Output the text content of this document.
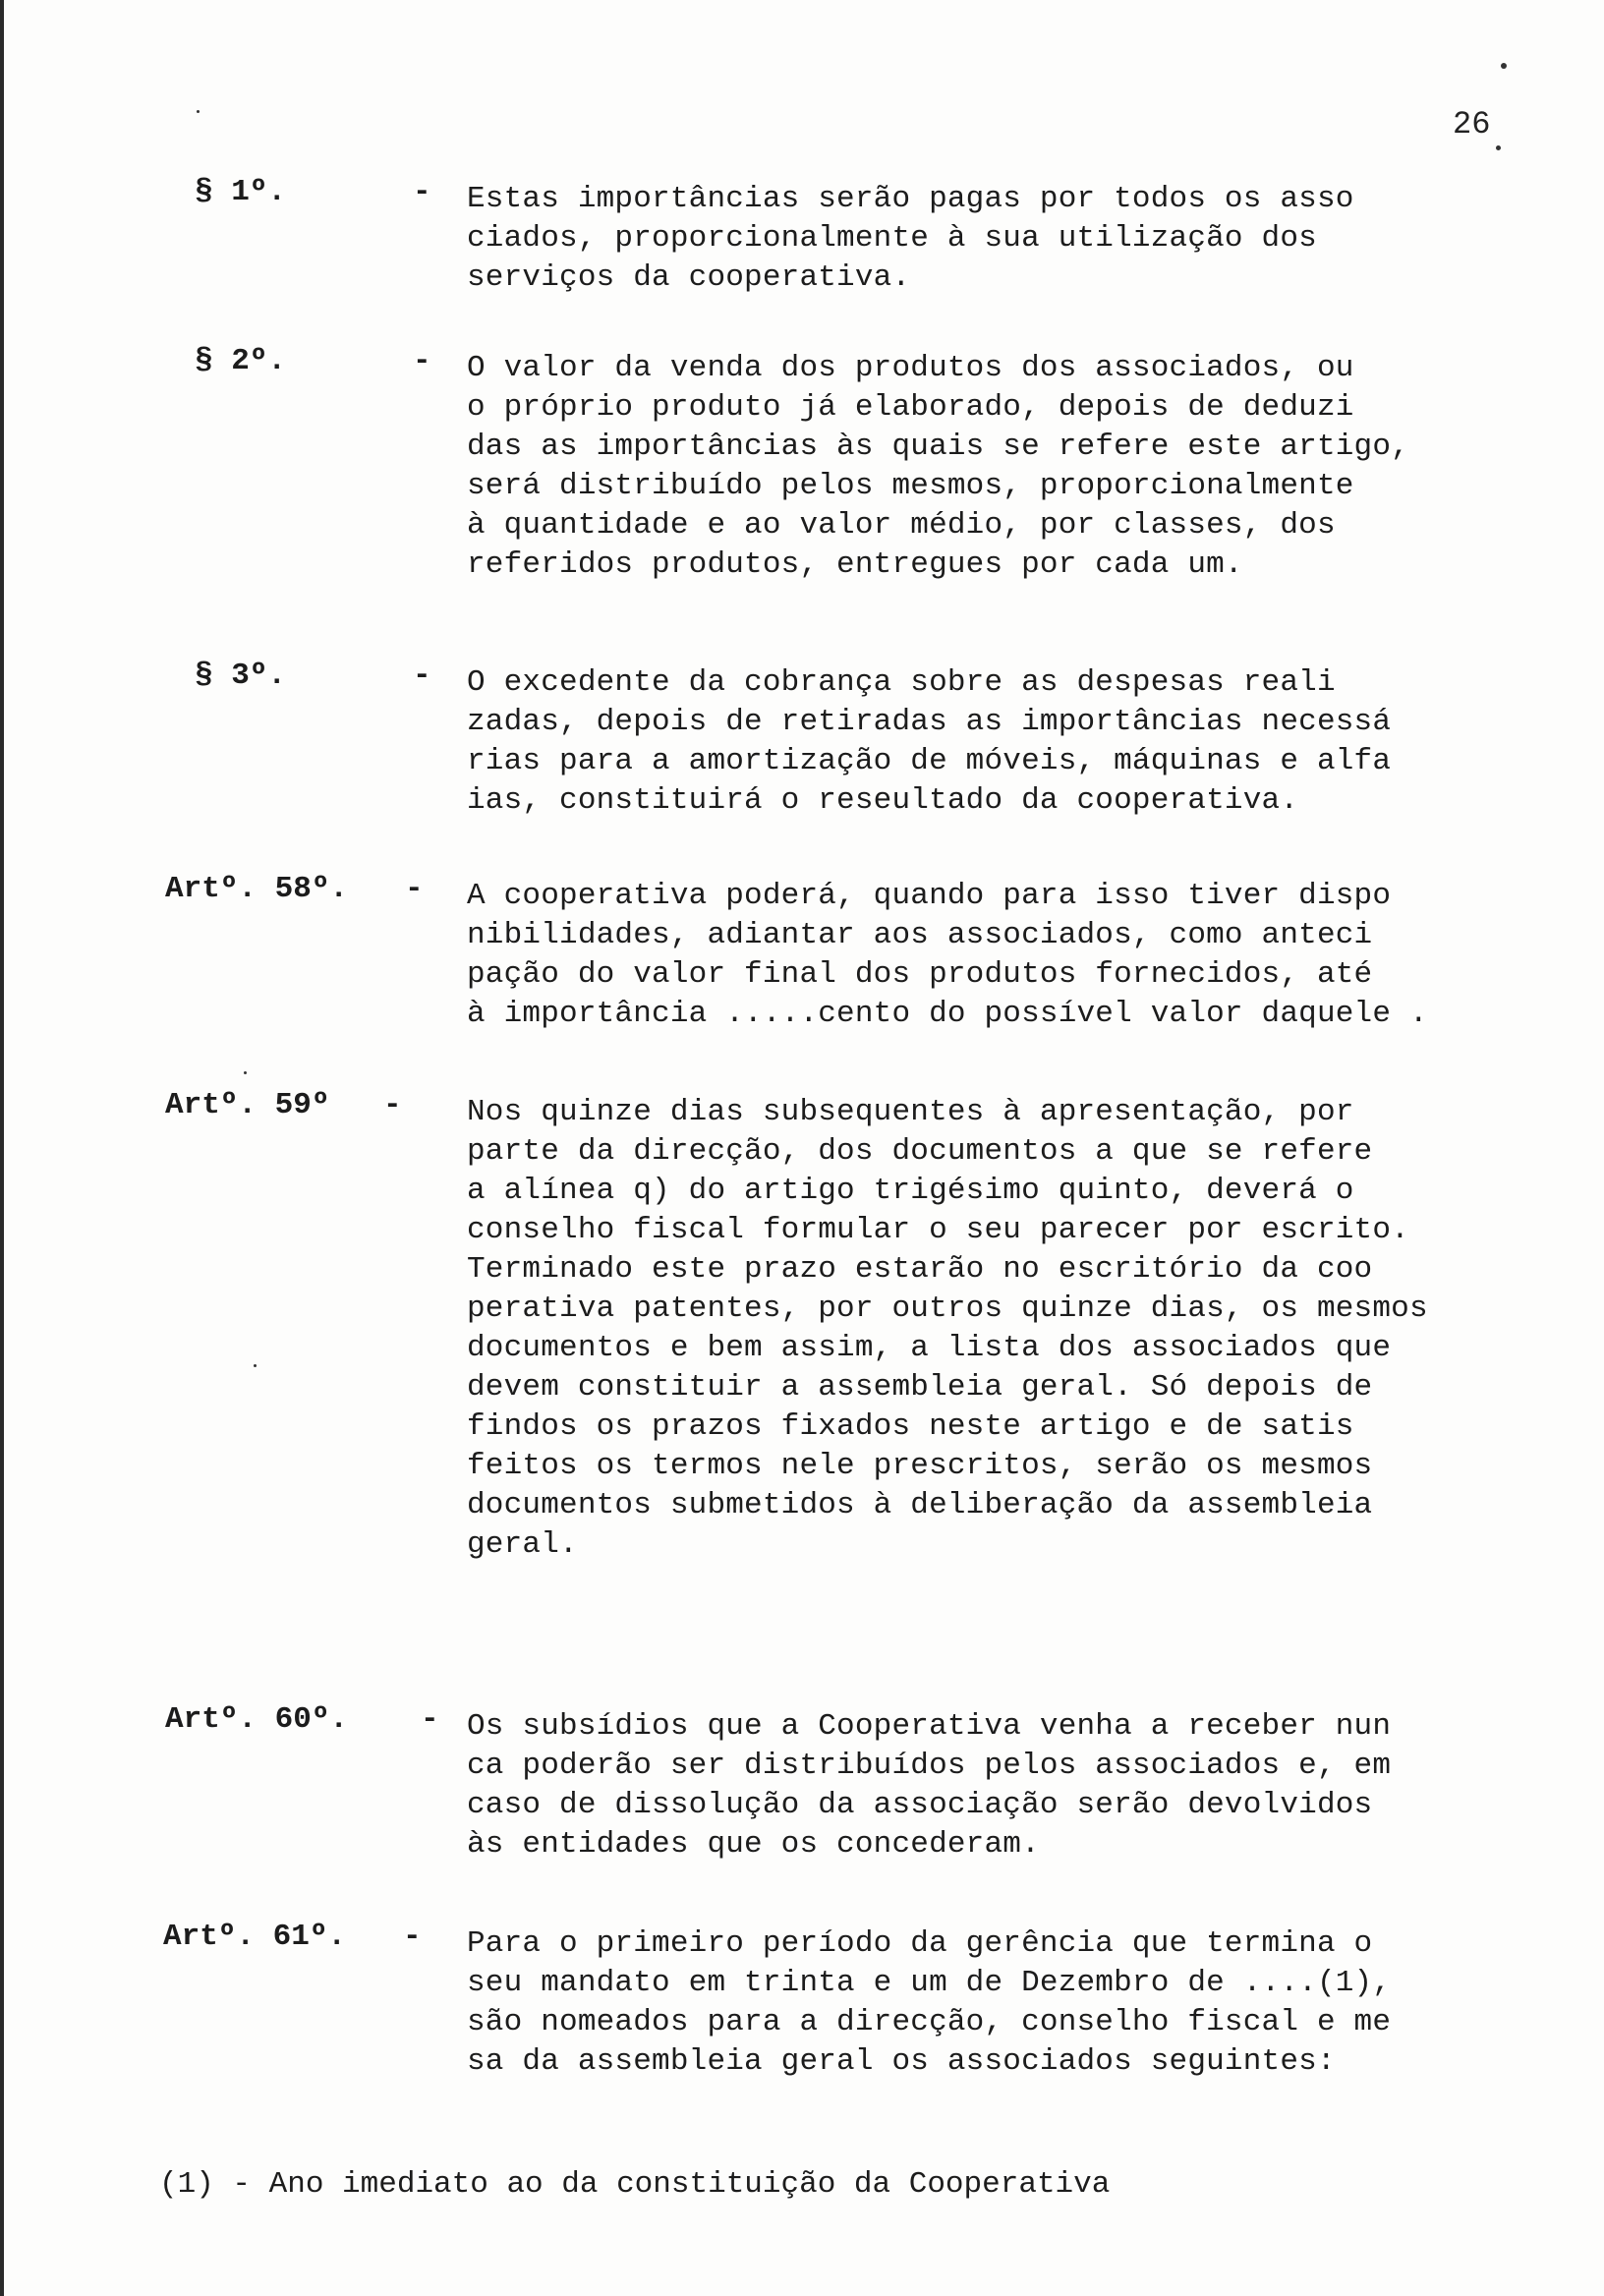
26
§ 1º.	- Estas importâncias serão pagas por todos os asso
ciados, proporcionalmente à sua utilização dos
serviços da cooperativa.
§ 2º.	- O valor da venda dos produtos dos associados, ou
o próprio produto já elaborado, depois de deduzi
das as importâncias às quais se refere este artigo,
será distribuído pelos mesmos, proporcionalmente
à quantidade e ao valor médio, por classes, dos
referidos produtos, entregues por cada um.
§ 3º.	- O excedente da cobrança sobre as despesas reali
zadas, depois de retiradas as importâncias necessá
rias para a amortização de móveis, máquinas e alfa
ias, constituirá o reseultado da cooperativa.
Artº. 58º. - A cooperativa poderá, quando para isso tiver dispo
nibilidades, adiantar aos associados, como anteci
pação do valor final dos produtos fornecidos, até
à importância .....cento do possível valor daquele .
Artº. 59º - Nos quinze dias subsequentes à apresentação, por
parte da direcção, dos documentos a que se refere
a alínea q) do artigo trigésimo quinto, deverá o
conselho fiscal formular o seu parecer por escrito.
Terminado este prazo estarão no escritório da coo
perativa patentes, por outros quinze dias, os mesmos
documentos e bem assim, a lista dos associados que
devem constituir a assembleia geral. Só depois de
findos os prazos fixados neste artigo e de satis
feitos os termos nele prescritos, serão os mesmos
documentos submetidos à deliberação da assembleia
geral.
Artº. 60º. - Os subsídios que a Cooperativa venha a receber nun
ca poderão ser distribuídos pelos associados e, em
caso de dissolução da associação serão devolvidos
às entidades que os concederam.
Artº. 61º. - Para o primeiro período da gerência que termina o
seu mandato em trinta e um de Dezembro de ....(1),
são nomeados para a direcção, conselho fiscal e me
sa da assembleia geral os associados seguintes:
(1) - Ano imediato ao da constituição da Cooperativa
